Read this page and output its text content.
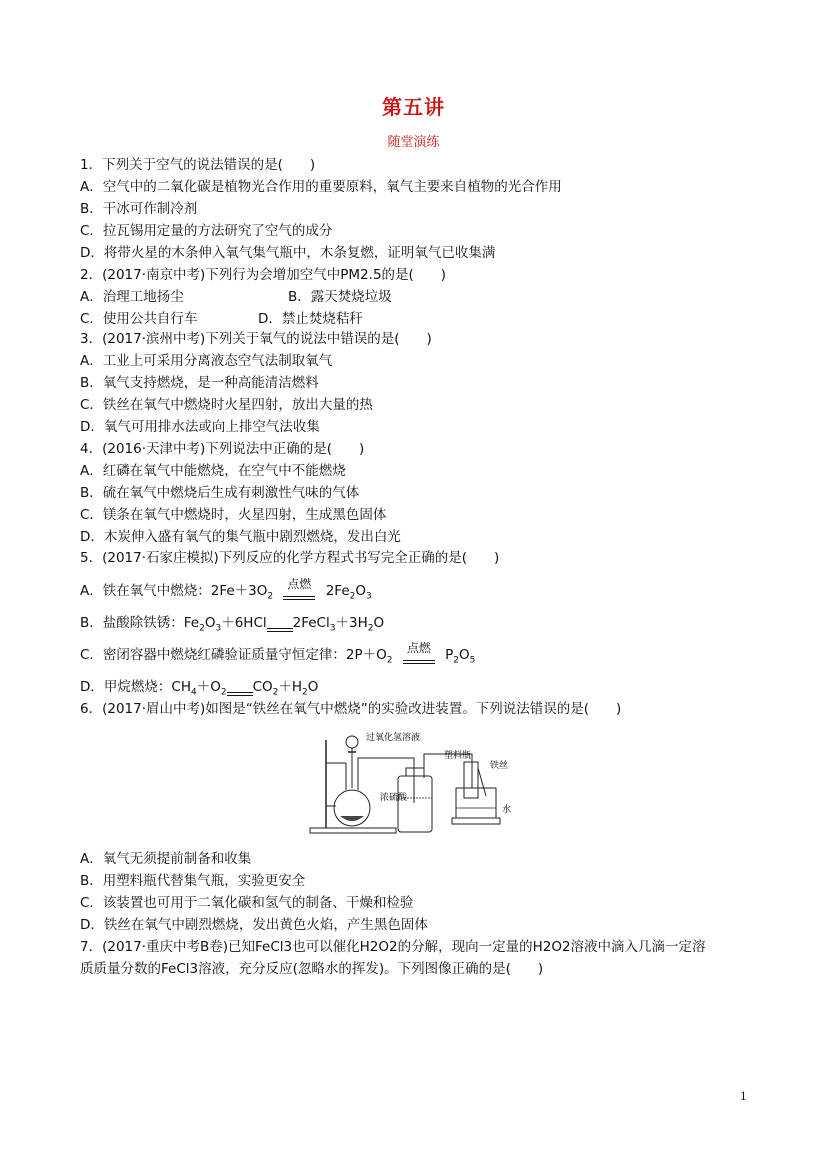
第五讲
随堂演练
1．下列关于空气的说法错误的是(　　)
A．空气中的二氧化碳是植物光合作用的重要原料，氧气主要来自植物的光合作用
B．干冰可作制冷剂
C．拉瓦锡用定量的方法研究了空气的成分
D．将带火星的木条伸入氧气集气瓶中，木条复燃，证明氧气已收集满
2．(2017·南京中考)下列行为会增加空气中PM2.5的是(　　)
A．治理工地扬尘	B．露天焚烧垃圾
C．使用公共自行车	D．禁止焚烧秸秆
3．(2017·滨州中考)下列关于氧气的说法中错误的是(　　)
A．工业上可采用分离液态空气法制取氧气
B．氧气支持燃烧，是一种高能清洁燃料
C．铁丝在氧气中燃烧时火星四射，放出大量的热
D．氧气可用排水法或向上排空气法收集
4．(2016·天津中考)下列说法中正确的是(　　)
A．红磷在氧气中能燃烧，在空气中不能燃烧
B．硫在氧气中燃烧后生成有刺激性气味的气体
C．镁条在氧气中燃烧时，火星四射，生成黑色固体
D．木炭伸入盛有氧气的集气瓶中剧烈燃烧，发出白光
5．(2017·石家庄模拟)下列反应的化学方程式书写完全正确的是(　　)
A．铁在氧气中燃烧：$2Fe+3O_2$
点燃	$2Fe_2O_3$
B．盐酸除铁锈：$Fe_2O_3+6HCl$ $2FeCl_3+3H_2O$
C．密闭容器中燃烧红磷验证质量守恒定律：$2P+O_2$
点燃 $P_2O_5$
D．甲烷燃烧：$CH_4+O_2$ $CO_2+H_2O$
6．(2017·眉山中考)如图是“铁丝在氧气中燃烧”的实验改进装置。下列说法错误的是(　　)
过氧化氢溶液
塑料瓶
铁丝
浓硫酸
水
A．氧气无须提前制备和收集
B．用塑料瓶代替集气瓶，实验更安全
C．该装置也可用于二氧化碳和氢气的制备、干燥和检验
D．铁丝在氧气中剧烈燃烧，发出黄色火焰，产生黑色固体
7．(2017·重庆中考B卷)已知FeCl3也可以催化H2O2的分解，现向一定量的H2O2溶液中滴入几滴一定溶
质质量分数的FeCl3溶液，充分反应(忽略水的挥发)。下列图像正确的是(　　)
1
